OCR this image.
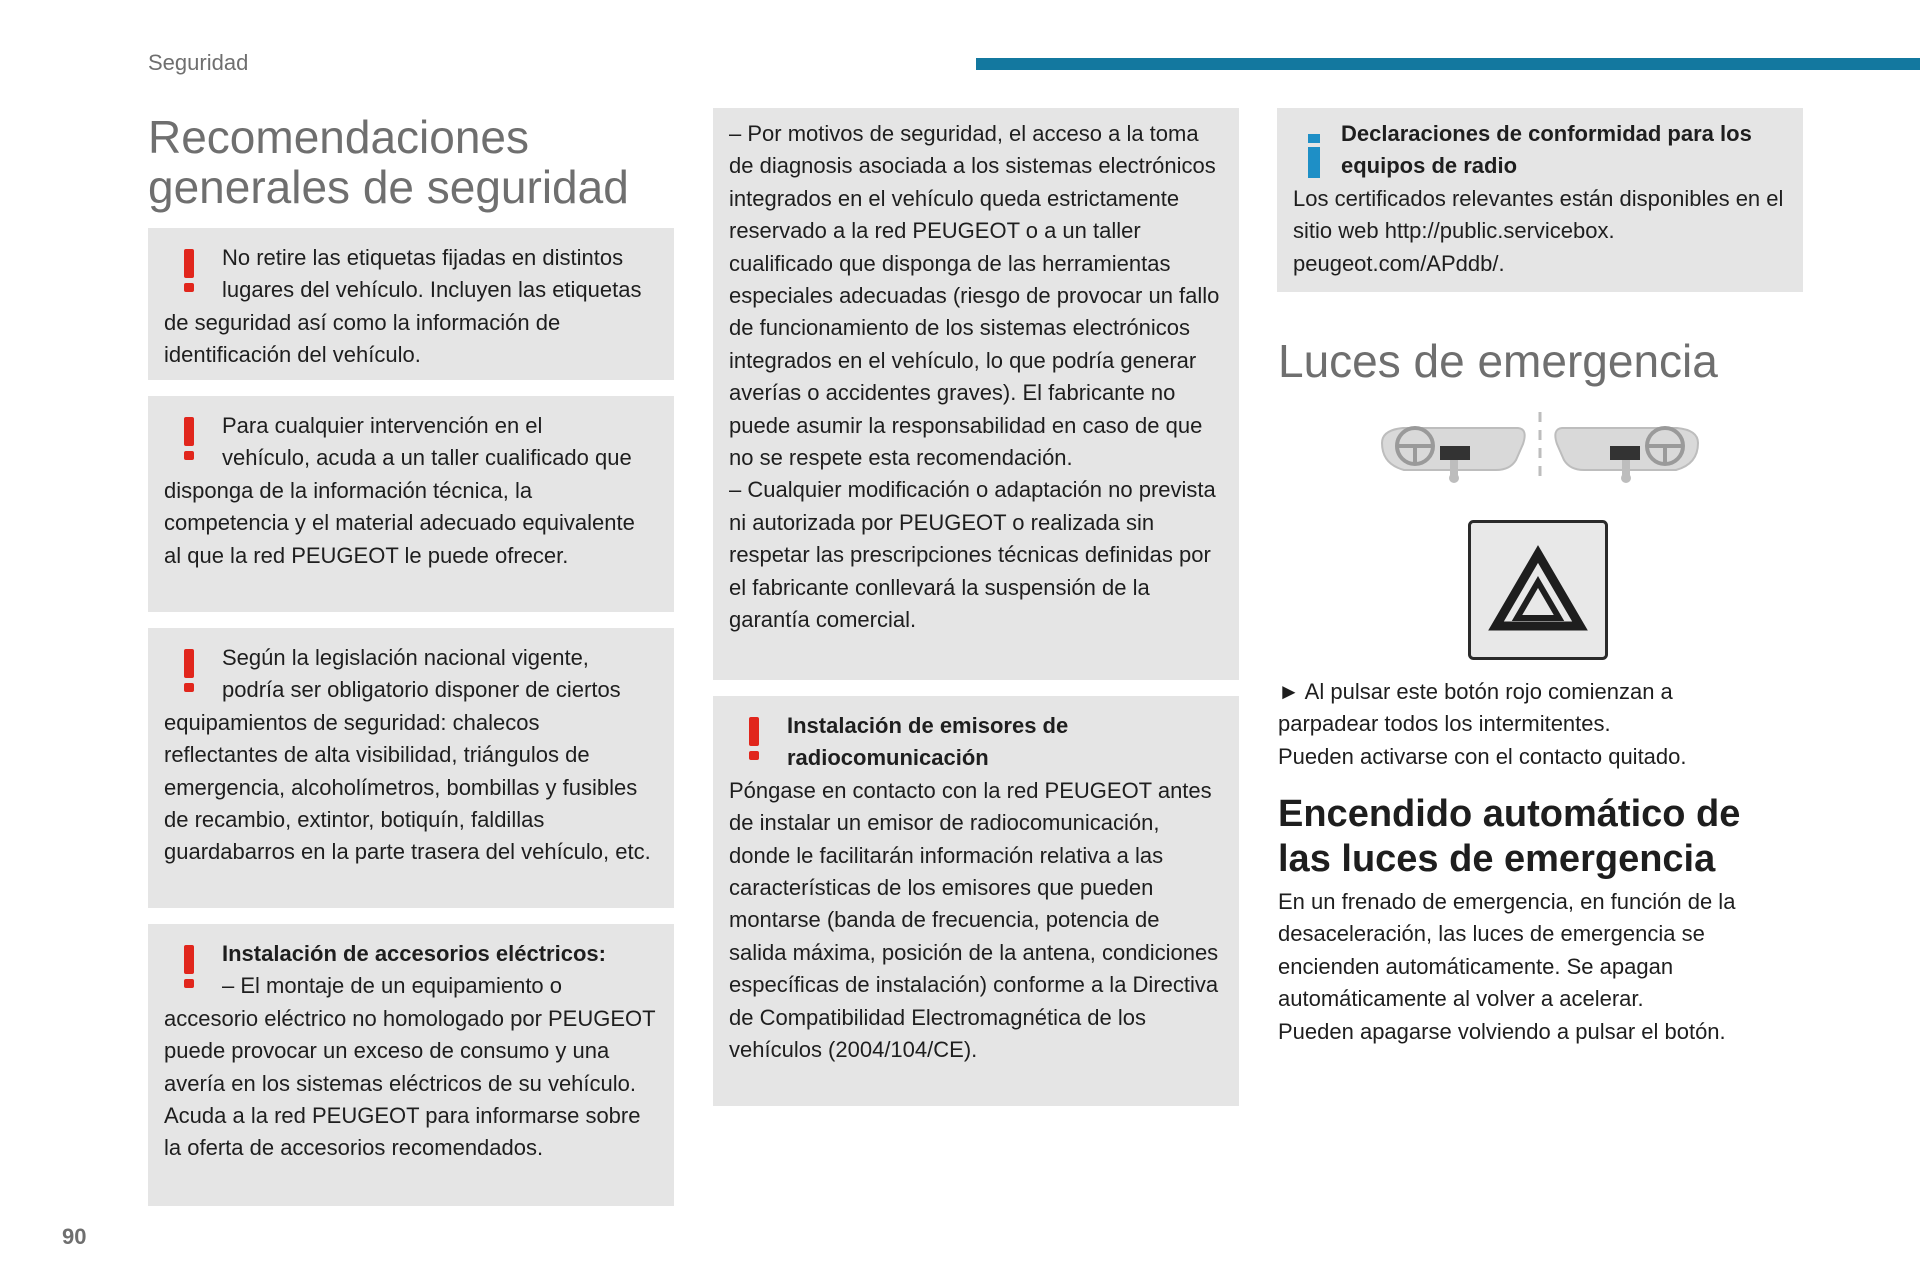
Seguridad
Recomendaciones generales de seguridad

No retire las etiquetas fijadas en distintos

lugares del vehículo. Incluyen las etiquetas de seguridad así como la información de identificación del vehículo.

Para cualquier intervención en el

vehículo, acuda a un taller cualificado que disponga de la información técnica, la competencia y el material adecuado equivalente al que la red PEUGEOT le puede ofrecer.

Según la legislación nacional vigente,

podría ser obligatorio disponer de ciertos equipamientos de seguridad: chalecos reflectantes de alta visibilidad, triángulos de emergencia, alcoholímetros, bombillas y fusibles de recambio, extintor, botiquín, faldillas guardabarros en la parte trasera del vehículo, etc.

Instalación de accesorios eléctricos:

– El montaje de un equipamiento o

accesorio eléctrico no homologado por PEUGEOT puede provocar un exceso de consumo y una avería en los sistemas eléctricos de su vehículo. Acuda a la red PEUGEOT para informarse sobre la oferta de accesorios recomendados.

– Por motivos de seguridad, el acceso a la toma de diagnosis asociada a los sistemas electrónicos integrados en el vehículo queda estrictamente reservado a la red PEUGEOT o a un taller cualificado que disponga de las herramientas especiales adecuadas (riesgo de provocar un fallo de funcionamiento de los sistemas electrónicos integrados en el vehículo, lo que podría generar averías o accidentes graves). El fabricante no puede asumir la responsabilidad en caso de que no se respete esta recomendación.

– Cualquier modificación o adaptación no prevista ni autorizada por PEUGEOT o realizada sin respetar las prescripciones técnicas definidas por el fabricante conllevará la suspensión de la garantía comercial.

Instalación de emisores de radiocomunicación

Póngase en contacto con la red PEUGEOT antes de instalar un emisor de radiocomunicación, donde le facilitarán información relativa a las características de los emisores que pueden montarse (banda de frecuencia, potencia de salida máxima, posición de la antena, condiciones específicas de instalación) conforme a la Directiva de Compatibilidad Electromagnética de los vehículos (2004/104/CE).

Declaraciones de conformidad para los equipos de radio

Los certificados relevantes están disponibles en el sitio web http://public.servicebox. peugeot.com/APddb/.

Luces de emergencia

► Al pulsar este botón rojo comienzan a parpadear todos los intermitentes.

Pueden activarse con el contacto quitado.

Encendido automático de las luces de emergencia

En un frenado de emergencia, en función de la desaceleración, las luces de emergencia se encienden automáticamente. Se apagan automáticamente al volver a acelerar.

Pueden apagarse volviendo a pulsar el botón.

90
